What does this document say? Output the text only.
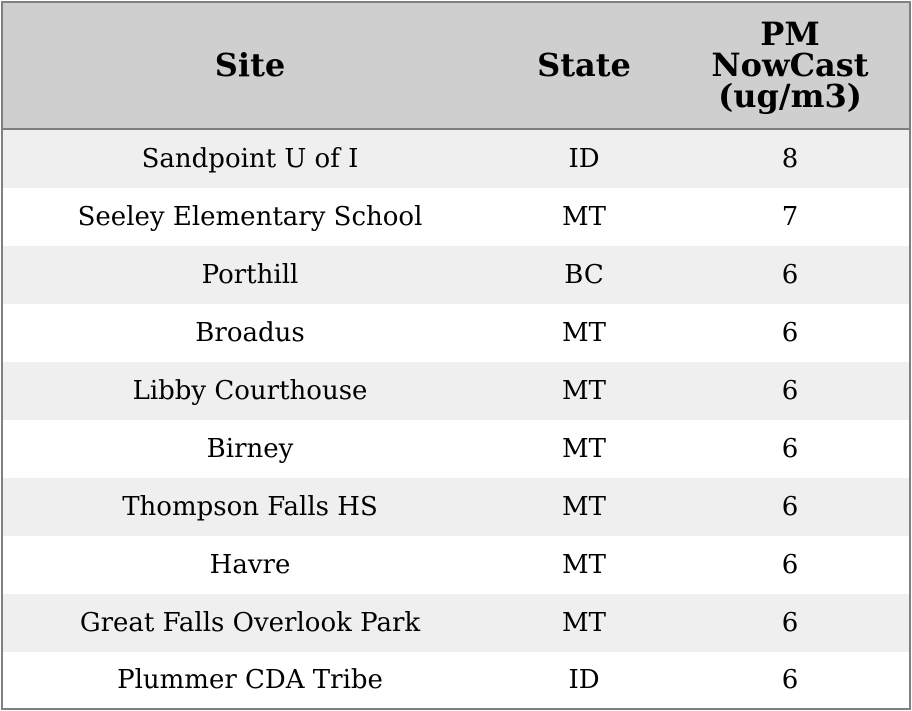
Site	State	PM
NowCast
(ug/m3)

Sandpoint U of I	ID	8
Seeley Elementary School	MT	7
Porthill	BC	6
Broadus	MT	6
Libby Courthouse	MT	6
Birney	MT	6
Thompson Falls HS	MT	6
Havre	MT	6
Great Falls Overlook Park	MT	6
Plummer CDA Tribe	ID	6
